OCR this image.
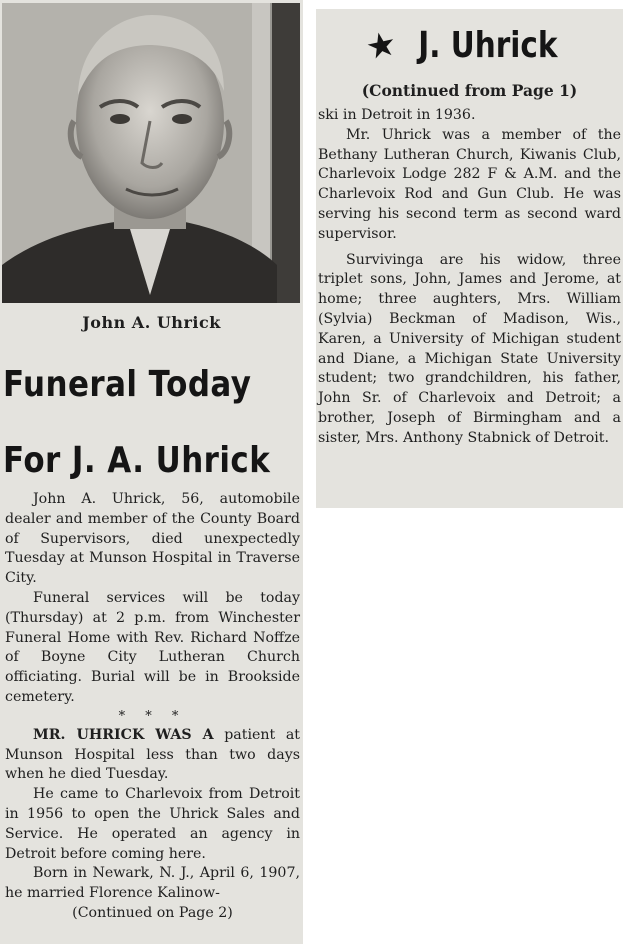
John A. Uhrick
Funeral Today
For J. A. Uhrick

John A. Uhrick, 56, automobile dealer and member of the County Board of Supervisors, died unexpectedly Tuesday at Munson Hospital in Traverse City.

Funeral services will be today (Thursday) at 2 p.m. from Winchester Funeral Home with Rev. Richard Noffze of Boyne City Lutheran Church officiating. Burial will be in Brookside cemetery.

* * *

MR. UHRICK WAS A patient at Munson Hospital less than two days when he died Tuesday.

He came to Charlevoix from Detroit in 1956 to open the Uhrick Sales and Service. He operated an agency in Detroit before coming here.

Born in Newark, N. J., April 6, 1907, he married Florence Kalinow-

(Continued on Page 2)

★ J. Uhrick
(Continued from Page 1)

ski in Detroit in 1936.

Mr. Uhrick was a member of the Bethany Lutheran Church, Kiwanis Club, Charlevoix Lodge 282 F & A.M. and the Charlevoix Rod and Gun Club. He was serving his second term as second ward supervisor.

Survivinga are his widow, three triplet sons, John, James and Jerome, at home; three aughters, Mrs. William (Sylvia) Beckman of Madison, Wis., Karen, a University of Michigan student and Diane, a Michigan State University student; two grandchildren, his father, John Sr. of Charlevoix and Detroit; a brother, Joseph of Birmingham and a sister, Mrs. Anthony Stabnick of Detroit.
